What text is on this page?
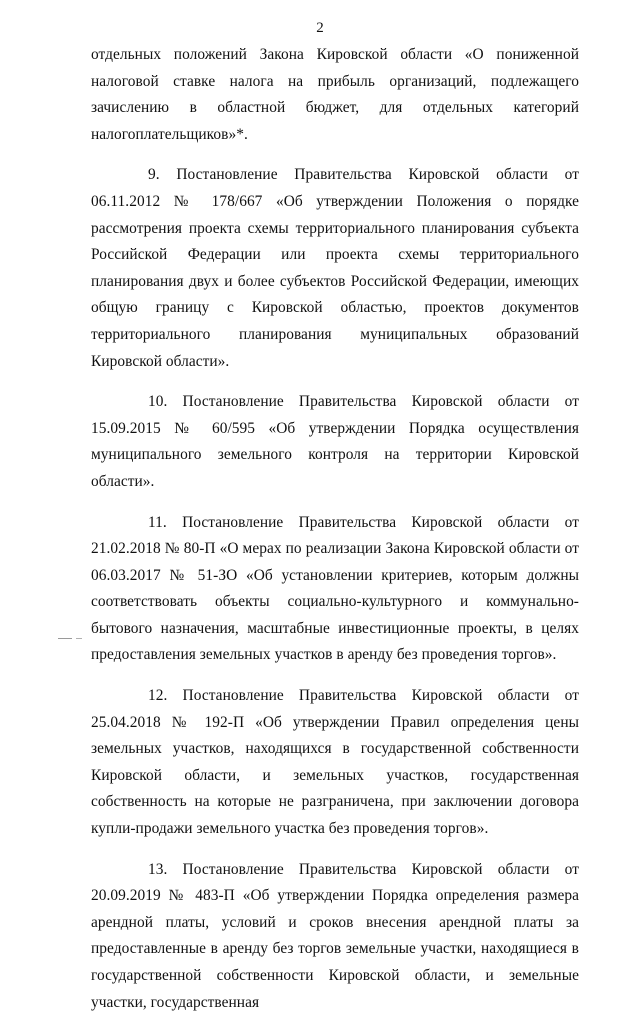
2

отдельных положений Закона Кировской области «О пониженной налоговой ставке налога на прибыль организаций, подлежащего зачислению в областной бюджет, для отдельных категорий налогоплательщиков»*.

9. Постановление Правительства Кировской области от 06.11.2012 № 178/667 «Об утверждении Положения о порядке рассмотрения проекта схемы территориального планирования субъекта Российской Федерации или проекта схемы территориального планирования двух и более субъектов Российской Федерации, имеющих общую границу с Кировской областью, проектов документов территориального планирования муниципальных образований Кировской области».

10. Постановление Правительства Кировской области от 15.09.2015 № 60/595 «Об утверждении Порядка осуществления муниципального земельного контроля на территории Кировской области».

11. Постановление Правительства Кировской области от 21.02.2018 № 80-П «О мерах по реализации Закона Кировской области от 06.03.2017 № 51-ЗО «Об установлении критериев, которым должны соответствовать объекты социально-культурного и коммунально-бытового назначения, масштабные инвестиционные проекты, в целях предоставления земельных участков в аренду без проведения торгов».

12. Постановление Правительства Кировской области от 25.04.2018 № 192-П «Об утверждении Правил определения цены земельных участков, находящихся в государственной собственности Кировской области, и земельных участков, государственная собственность на которые не разграничена, при заключении договора купли-продажи земельного участка без проведения торгов».

13. Постановление Правительства Кировской области от 20.09.2019 № 483-П «Об утверждении Порядка определения размера арендной платы, условий и сроков внесения арендной платы за предоставленные в аренду без торгов земельные участки, находящиеся в государственной собственности Кировской области, и земельные участки, государственная
